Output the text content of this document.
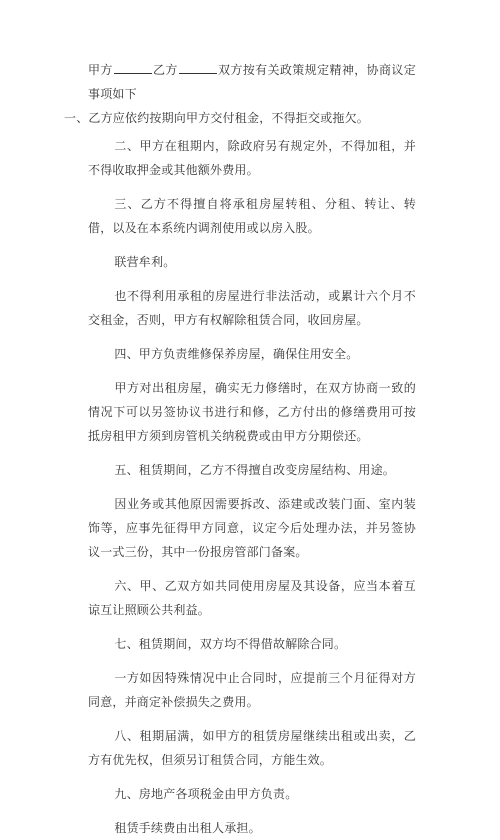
甲方	乙方	双方按有关政策规定精神，协商议定事项如下

一、乙方应依约按期向甲方交付租金，不得拒交或拖欠。

二、甲方在租期内，除政府另有规定外，不得加租，并不得收取押金或其他额外费用。

三、乙方不得擅自将承租房屋转租、分租、转让、转借，以及在本系统内调剂使用或以房入股。

联营牟利。

也不得利用承租的房屋进行非法活动，或累计六个月不交租金，否则，甲方有权解除租赁合同，收回房屋。

四、甲方负责维修保养房屋，确保住用安全。

甲方对出租房屋，确实无力修缮时，在双方协商一致的情况下可以另签协议书进行和修，乙方付出的修缮费用可按抵房租甲方须到房管机关纳税费或由甲方分期偿还。

五、租赁期间，乙方不得擅自改变房屋结构、用途。

因业务或其他原因需要拆改、添建或改装门面、室内装饰等，应事先征得甲方同意，议定今后处理办法，并另签协议一式三份，其中一份报房管部门备案。

六、甲、乙双方如共同使用房屋及其设备，应当本着互谅互让照顾公共利益。

七、租赁期间，双方均不得借故解除合同。

一方如因特殊情况中止合同时，应提前三个月征得对方同意，并商定补偿损失之费用。

八、租期届满，如甲方的租赁房屋继续出租或出卖，乙方有优先权，但须另订租赁合同，方能生效。

九、房地产各项税金由甲方负责。

租赁手续费由出租人承担。
